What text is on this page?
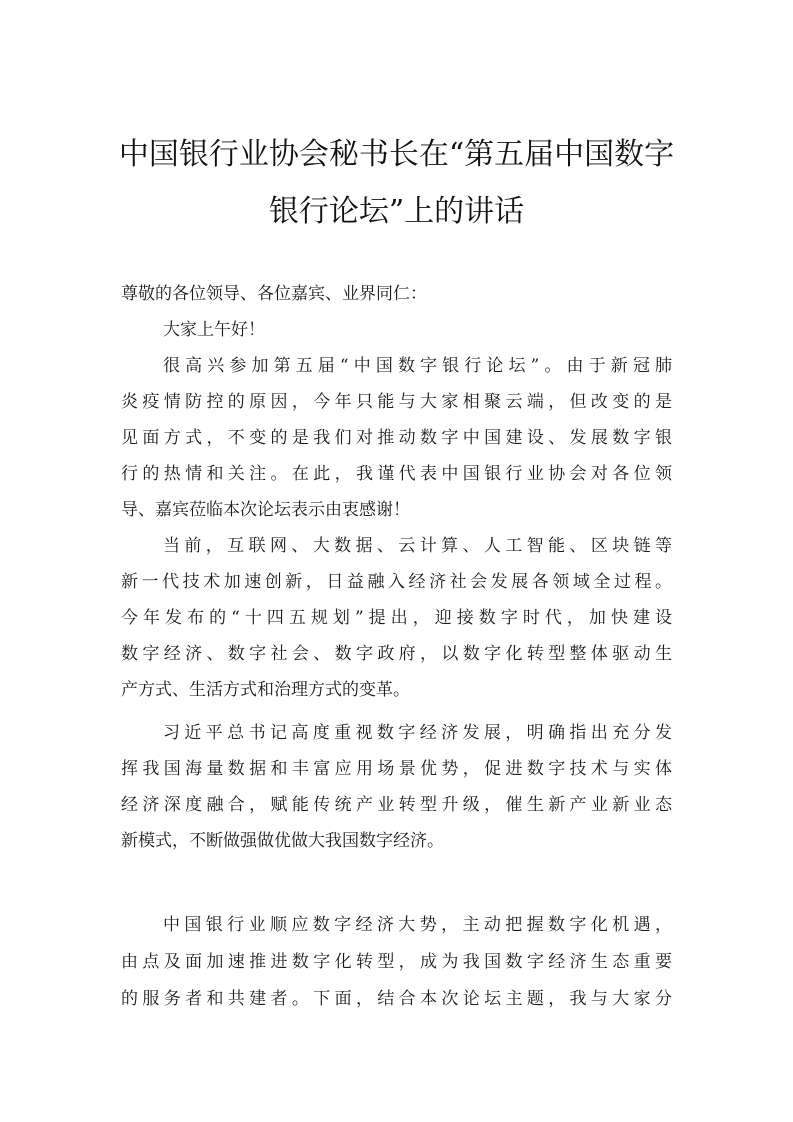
中国银行业协会秘书长在“第五届中国数字
银行论坛”上的讲话
尊敬的各位领导、各位嘉宾、业界同仁：
大家上午好！
很高兴参加第五届“中国数字银行论坛”。由于新冠肺
炎疫情防控的原因，今年只能与大家相聚云端，但改变的是
见面方式，不变的是我们对推动数字中国建设、发展数字银
行的热情和关注。在此，我谨代表中国银行业协会对各位领
导、嘉宾莅临本次论坛表示由衷感谢！
当前，互联网、大数据、云计算、人工智能、区块链等
新一代技术加速创新，日益融入经济社会发展各领域全过程。
今年发布的“十四五规划”提出，迎接数字时代，加快建设
数字经济、数字社会、数字政府，以数字化转型整体驱动生
产方式、生活方式和治理方式的变革。
习近平总书记高度重视数字经济发展，明确指出充分发
挥我国海量数据和丰富应用场景优势，促进数字技术与实体
经济深度融合，赋能传统产业转型升级，催生新产业新业态
新模式，不断做强做优做大我国数字经济。
中国银行业顺应数字经济大势，主动把握数字化机遇，
由点及面加速推进数字化转型，成为我国数字经济生态重要
的服务者和共建者。下面，结合本次论坛主题，我与大家分
